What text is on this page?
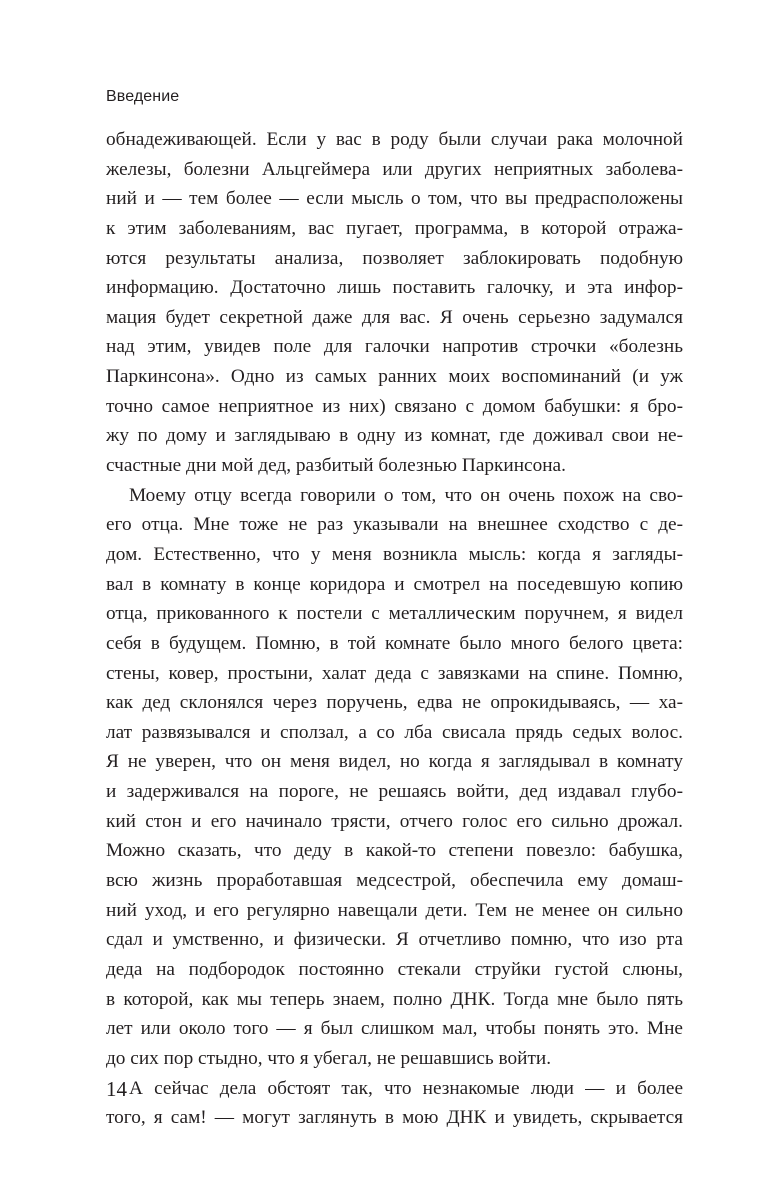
Введение
обнадеживающей. Если у вас в роду были случаи рака молочной
железы, болезни Альцгеймера или других неприятных заболева-
ний и — тем более — если мысль о том, что вы предрасположены
к этим заболеваниям, вас пугает, программа, в которой отража-
ются результаты анализа, позволяет заблокировать подобную
информацию. Достаточно лишь поставить галочку, и эта инфор-
мация будет секретной даже для вас. Я очень серьезно задумался
над этим, увидев поле для галочки напротив строчки «болезнь
Паркинсона». Одно из самых ранних моих воспоминаний (и уж
точно самое неприятное из них) связано с домом бабушки: я бро-
жу по дому и заглядываю в одну из комнат, где доживал свои не-
счастные дни мой дед, разбитый болезнью Паркинсона.
Моему отцу всегда говорили о том, что он очень похож на сво-
его отца. Мне тоже не раз указывали на внешнее сходство с де-
дом. Естественно, что у меня возникла мысль: когда я загляды-
вал в комнату в конце коридора и смотрел на поседевшую копию
отца, прикованного к постели с металлическим поручнем, я видел
себя в будущем. Помню, в той комнате было много белого цвета:
стены, ковер, простыни, халат деда с завязками на спине. Помню,
как дед склонялся через поручень, едва не опрокидываясь, — ха-
лат развязывался и сползал, а со лба свисала прядь седых волос.
Я не уверен, что он меня видел, но когда я заглядывал в комнату
и задерживался на пороге, не решаясь войти, дед издавал глубо-
кий стон и его начинало трясти, отчего голос его сильно дрожал.
Можно сказать, что деду в какой-то степени повезло: бабушка,
всю жизнь проработавшая медсестрой, обеспечила ему домаш-
ний уход, и его регулярно навещали дети. Тем не менее он сильно
сдал и умственно, и физически. Я отчетливо помню, что изо рта
деда на подбородок постоянно стекали струйки густой слюны,
в которой, как мы теперь знаем, полно ДНК. Тогда мне было пять
лет или около того — я был слишком мал, чтобы понять это. Мне
до сих пор стыдно, что я убегал, не решавшись войти.
А сейчас дела обстоят так, что незнакомые люди — и более
того, я сам! — могут заглянуть в мою ДНК и увидеть, скрывается
14
